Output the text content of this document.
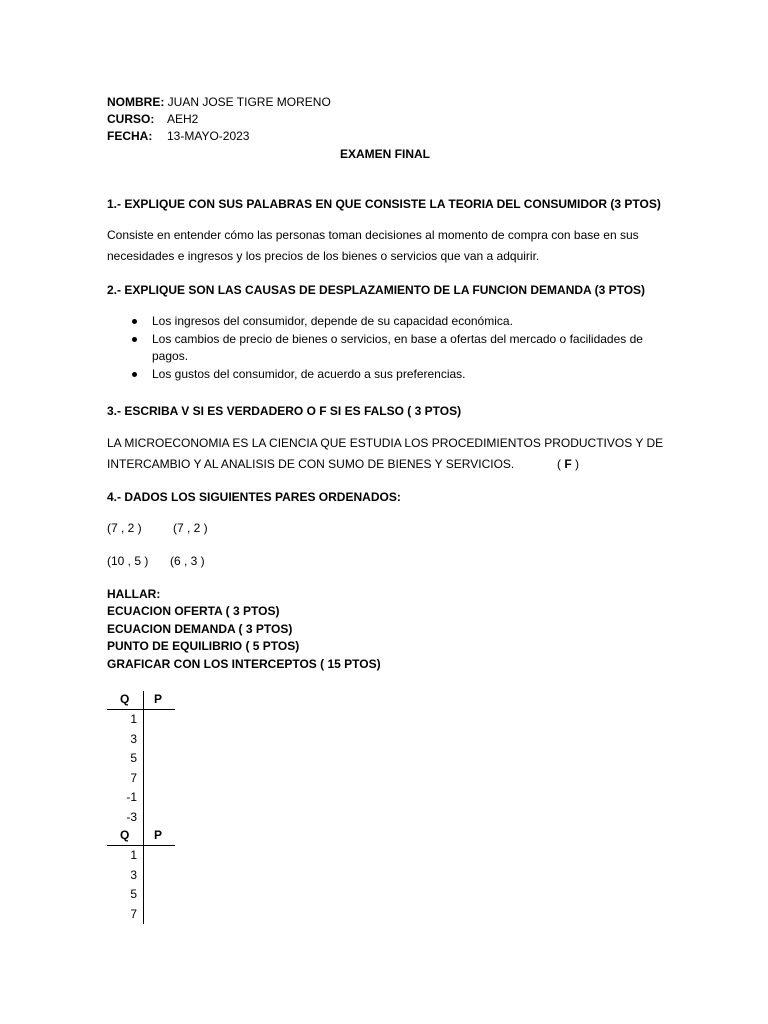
NOMBRE: JUAN JOSE TIGRE MORENO
CURSO: AEH2
FECHA: 13-MAYO-2023
EXAMEN FINAL
1.- EXPLIQUE CON SUS PALABRAS EN QUE CONSISTE LA TEORIA DEL CONSUMIDOR (3 PTOS)
Consiste en entender cómo las personas toman decisiones al momento de compra con base en sus necesidades e ingresos y los precios de los bienes o servicios que van a adquirir.
2.- EXPLIQUE SON LAS CAUSAS DE DESPLAZAMIENTO DE LA FUNCION DEMANDA (3 PTOS)
Los ingresos del consumidor, depende de su capacidad económica.
Los cambios de precio de bienes o servicios, en base a ofertas del mercado o facilidades de pagos.
Los gustos del consumidor, de acuerdo a sus preferencias.
3.- ESCRIBA V SI ES VERDADERO O F SI ES FALSO ( 3 PTOS)
LA MICROECONOMIA ES LA CIENCIA QUE ESTUDIA LOS PROCEDIMIENTOS PRODUCTIVOS Y DE
INTERCAMBIO Y AL ANALISIS DE CON SUMO DE BIENES Y SERVICIOS.	( F )
4.- DADOS LOS SIGUIENTES PARES ORDENADOS:
(7 , 2 )	(7 , 2 )
(10 , 5 ) (6 , 3 )
HALLAR:
ECUACION OFERTA ( 3 PTOS)
ECUACION DEMANDA ( 3 PTOS)
PUNTO DE EQUILIBRIO ( 5 PTOS)
GRAFICAR CON LOS INTERCEPTOS ( 15 PTOS)
Q P
1
3
5
7
-1
-3
Q P
1
3
5
7
